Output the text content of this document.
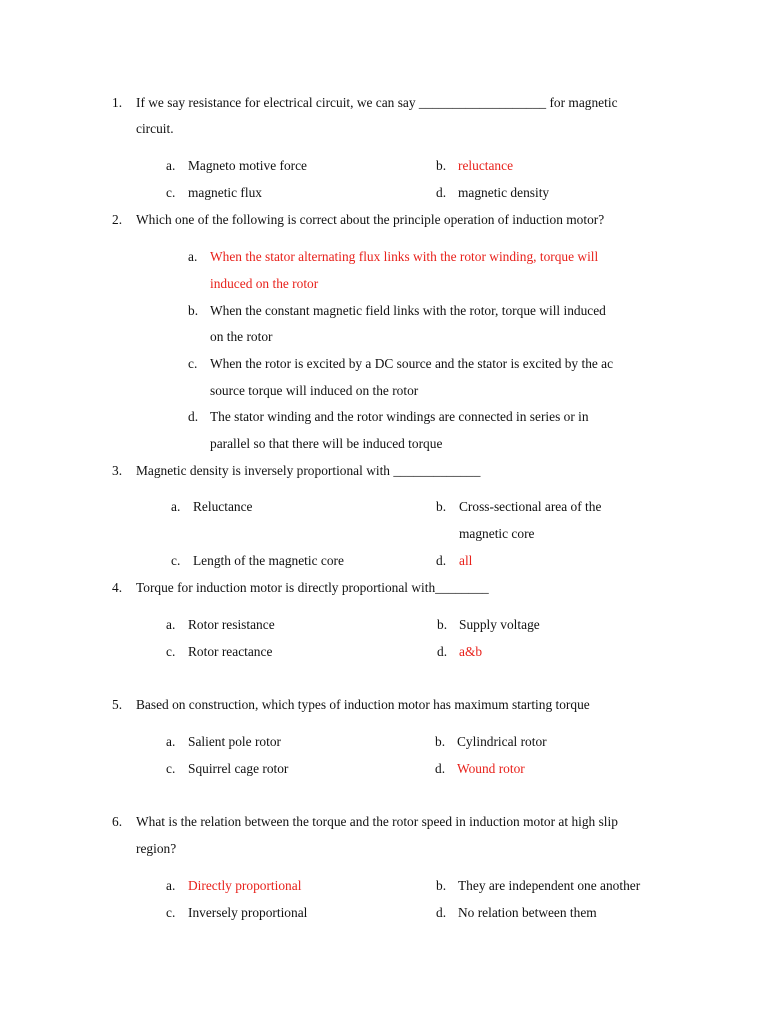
1. If we say resistance for electrical circuit, we can say ___________________ for magnetic
circuit.
a. Magneto motive force	b. reluctance
c. magnetic flux	d. magnetic density
2. Which one of the following is correct about the principle operation of induction motor?
a. When the stator alternating flux links with the rotor winding, torque will
induced on the rotor
b. When the constant magnetic field links with the rotor, torque will induced
on the rotor
c. When the rotor is excited by a DC source and the stator is excited by the ac
source torque will induced on the rotor
d. The stator winding and the rotor windings are connected in series or in
parallel so that there will be induced torque
3. Magnetic density is inversely proportional with _____________
a. Reluctance	b. Cross-sectional area of the
magnetic core
c. Length of the magnetic core	d. all
4. Torque for induction motor is directly proportional with________
a. Rotor resistance	b. Supply voltage
c. Rotor reactance	d. a&b
5. Based on construction, which types of induction motor has maximum starting torque
a. Salient pole rotor	b. Cylindrical rotor
c. Squirrel cage rotor	d. Wound rotor
6. What is the relation between the torque and the rotor speed in induction motor at high slip
region?
a. Directly proportional	b. They are independent one another
c. Inversely proportional	d. No relation between them
